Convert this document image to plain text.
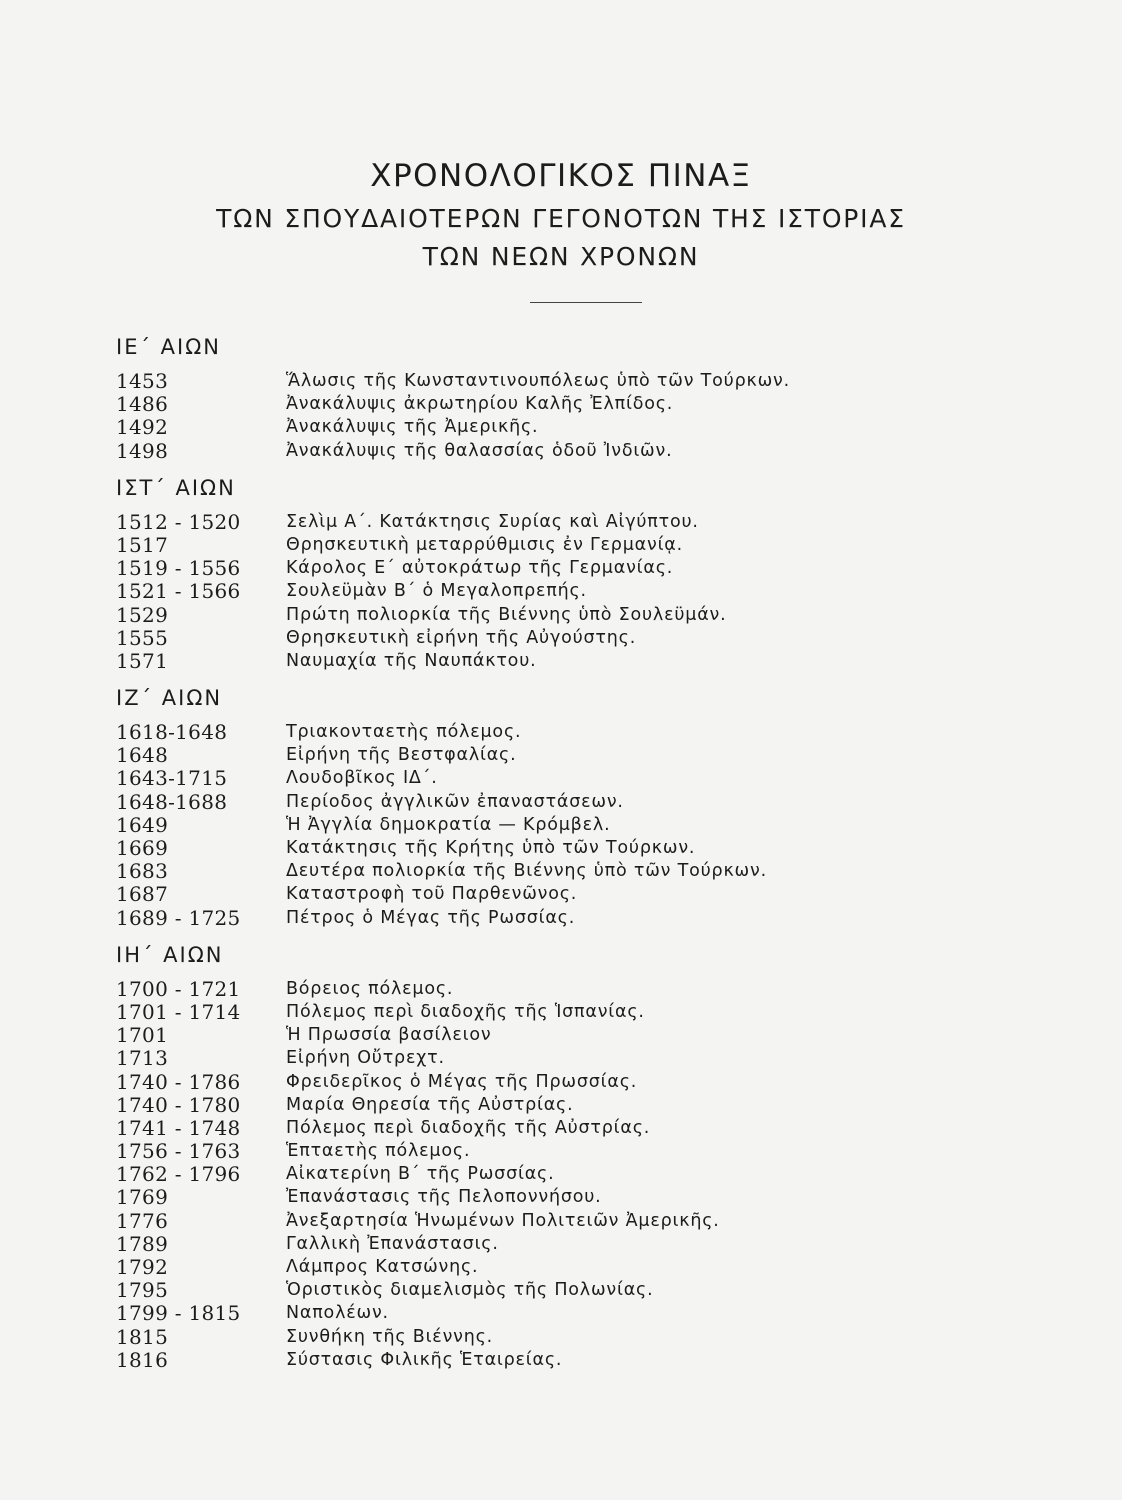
ΧΡΟΝΟΛΟΓΙΚΟΣ ΠΙΝΑΞ
ΤΩΝ ΣΠΟΥΔΑΙΟΤΕΡΩΝ ΓΕΓΟΝΟΤΩΝ ΤΗΣ ΙΣΤΟΡΙΑΣ
ΤΩΝ ΝΕΩΝ ΧΡΟΝΩΝ
ΙΕ΄ ΑΙΩΝ
1453	Ἅλωσις τῆς Κωνσταντινουπόλεως ὑπὸ τῶν Τούρκων.
1486	Ἀνακάλυψις ἀκρωτηρίου Καλῆς Ἐλπίδος.
1492	Ἀνακάλυψις τῆς Ἀμερικῆς.
1498	Ἀνακάλυψις τῆς θαλασσίας ὁδοῦ Ἰνδιῶν.
ΙΣΤ΄ ΑΙΩΝ
1512 - 1520	Σελὶμ Α΄. Κατάκτησις Συρίας καὶ Αἰγύπτου.
1517	Θρησκευτικὴ μεταρρύθμισις ἐν Γερμανίᾳ.
1519 - 1556	Κάρολος Ε΄ αὐτοκράτωρ τῆς Γερμανίας.
1521 - 1566	Σουλεϋμὰν Β΄ ὁ Μεγαλοπρεπής.
1529	Πρώτη πολιορκία τῆς Βιέννης ὑπὸ Σουλεϋμάν.
1555	Θρησκευτικὴ εἰρήνη τῆς Αὐγούστης.
1571	Ναυμαχία τῆς Ναυπάκτου.
ΙΖ΄ ΑΙΩΝ
1618-1648	Τριακονταετὴς πόλεμος.
1648	Εἰρήνη τῆς Βεστφαλίας.
1643-1715	Λουδοβῖκος ΙΔ΄.
1648-1688	Περίοδος ἀγγλικῶν ἐπαναστάσεων.
1649	Ἡ Ἀγγλία δημοκρατία — Κρόμβελ.
1669	Κατάκτησις τῆς Κρήτης ὑπὸ τῶν Τούρκων.
1683	Δευτέρα πολιορκία τῆς Βιέννης ὑπὸ τῶν Τούρκων.
1687	Καταστροφὴ τοῦ Παρθενῶνος.
1689 - 1725	Πέτρος ὁ Μέγας τῆς Ρωσσίας.
ΙΗ΄ ΑΙΩΝ
1700 - 1721	Βόρειος πόλεμος.
1701 - 1714	Πόλεμος περὶ διαδοχῆς τῆς Ἱσπανίας.
1701	Ἡ Πρωσσία βασίλειον
1713	Εἰρήνη Οὔτρεχτ.
1740 - 1786	Φρειδερῖκος ὁ Μέγας τῆς Πρωσσίας.
1740 - 1780	Μαρία Θηρεσία τῆς Αὐστρίας.
1741 - 1748	Πόλεμος περὶ διαδοχῆς τῆς Αὐστρίας.
1756 - 1763	Ἑπταετὴς πόλεμος.
1762 - 1796	Αἰκατερίνη Β΄ τῆς Ρωσσίας.
1769	Ἐπανάστασις τῆς Πελοποννήσου.
1776	Ἀνεξαρτησία Ἡνωμένων Πολιτειῶν Ἀμερικῆς.
1789	Γαλλικὴ Ἐπανάστασις.
1792	Λάμπρος Κατσώνης.
1795	Ὁριστικὸς διαμελισμὸς τῆς Πολωνίας.
1799 - 1815	Ναπολέων.
1815	Συνθήκη τῆς Βιέννης.
1816	Σύστασις Φιλικῆς Ἑταιρείας.
